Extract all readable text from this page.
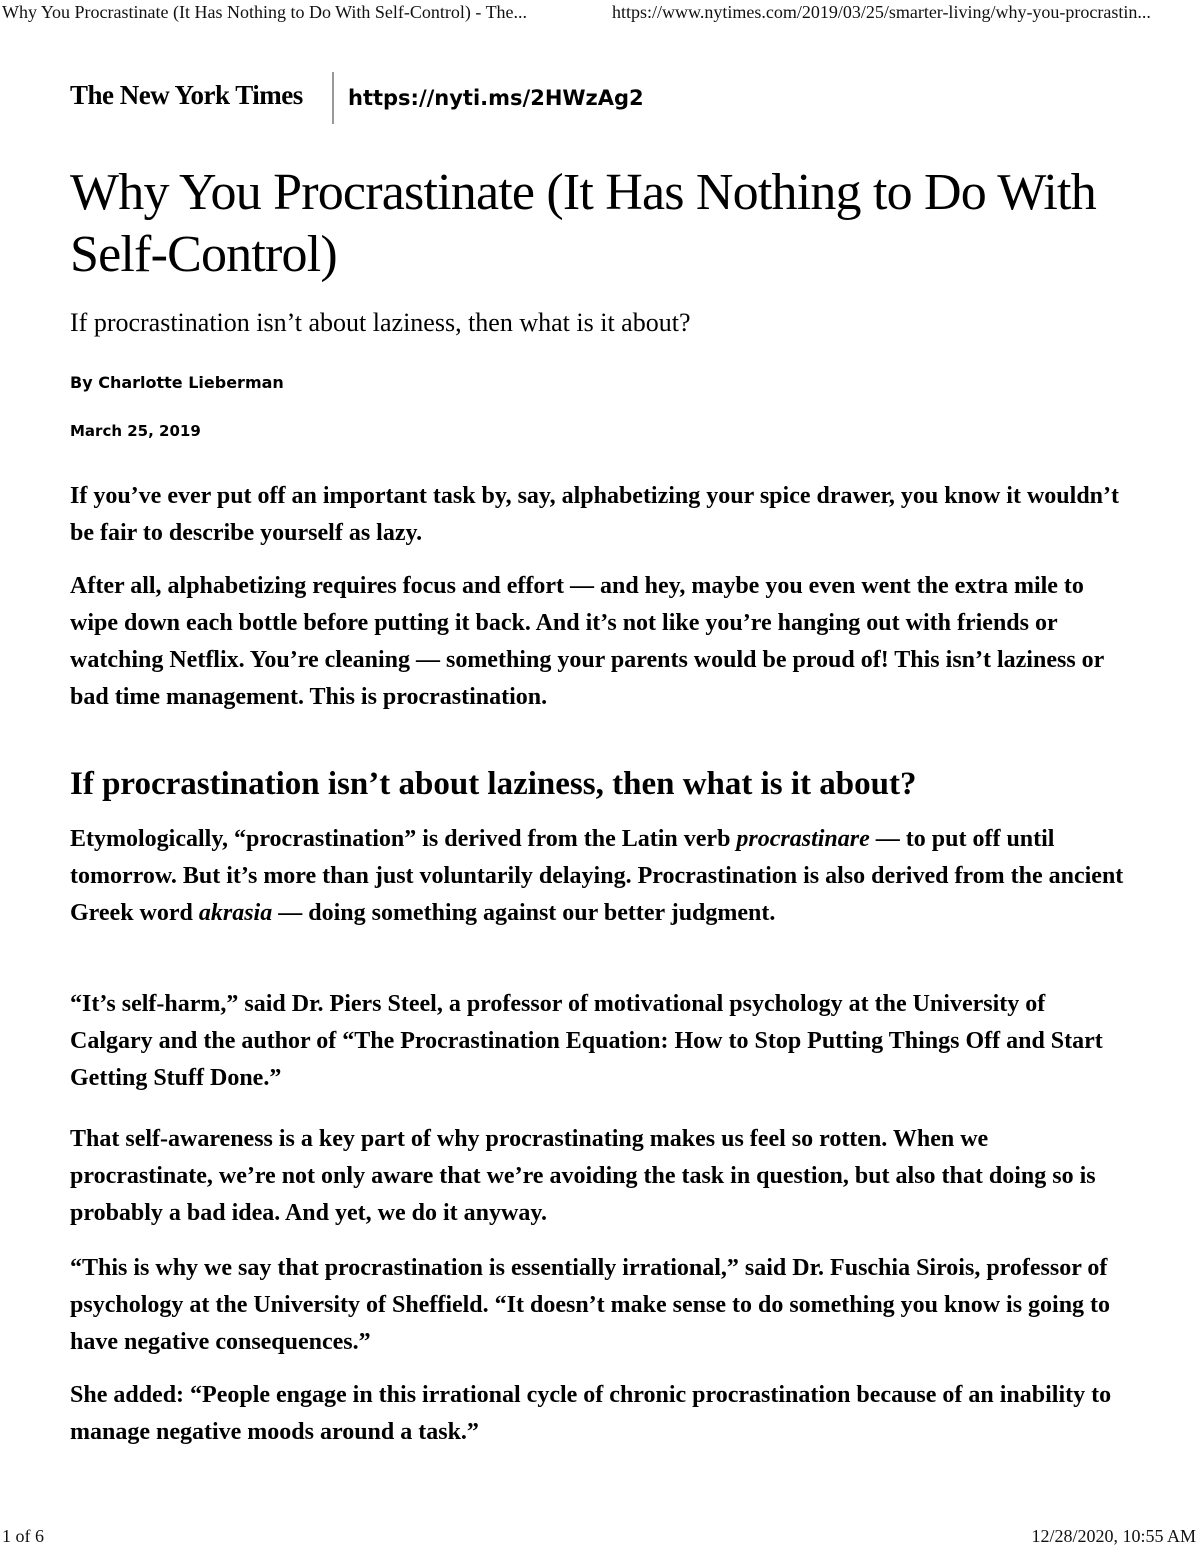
Why You Procrastinate (It Has Nothing to Do With Self-Control) - The...	https://www.nytimes.com/2019/03/25/smarter-living/why-you-procrastin...
The New York Times https://nyti.ms/2HWzAg2
Why You Procrastinate (It Has Nothing to Do With Self-Control)

If procrastination isn’t about laziness, then what is it about?

By Charlotte Lieberman

March 25, 2019

If you’ve ever put off an important task by, say, alphabetizing your spice drawer, you know it wouldn’t be fair to describe yourself as lazy.

After all, alphabetizing requires focus and effort — and hey, maybe you even went the extra mile to wipe down each bottle before putting it back. And it’s not like you’re hanging out with friends or watching Netflix. You’re cleaning — something your parents would be proud of! This isn’t laziness or bad time management. This is procrastination.

If procrastination isn’t about laziness, then what is it about?

Etymologically, “procrastination” is derived from the Latin verb procrastinare — to put off until tomorrow. But it’s more than just voluntarily delaying. Procrastination is also derived from the ancient Greek word akrasia — doing something against our better judgment.

“It’s self-harm,” said Dr. Piers Steel, a professor of motivational psychology at the University of Calgary and the author of “The Procrastination Equation: How to Stop Putting Things Off and Start Getting Stuff Done.”

That self-awareness is a key part of why procrastinating makes us feel so rotten. When we procrastinate, we’re not only aware that we’re avoiding the task in question, but also that doing so is probably a bad idea. And yet, we do it anyway.

“This is why we say that procrastination is essentially irrational,” said Dr. Fuschia Sirois, professor of psychology at the University of Sheffield. “It doesn’t make sense to do something you know is going to have negative consequences.”

She added: “People engage in this irrational cycle of chronic procrastination because of an inability to manage negative moods around a task.”

1 of 6	12/28/2020, 10:55 AM
